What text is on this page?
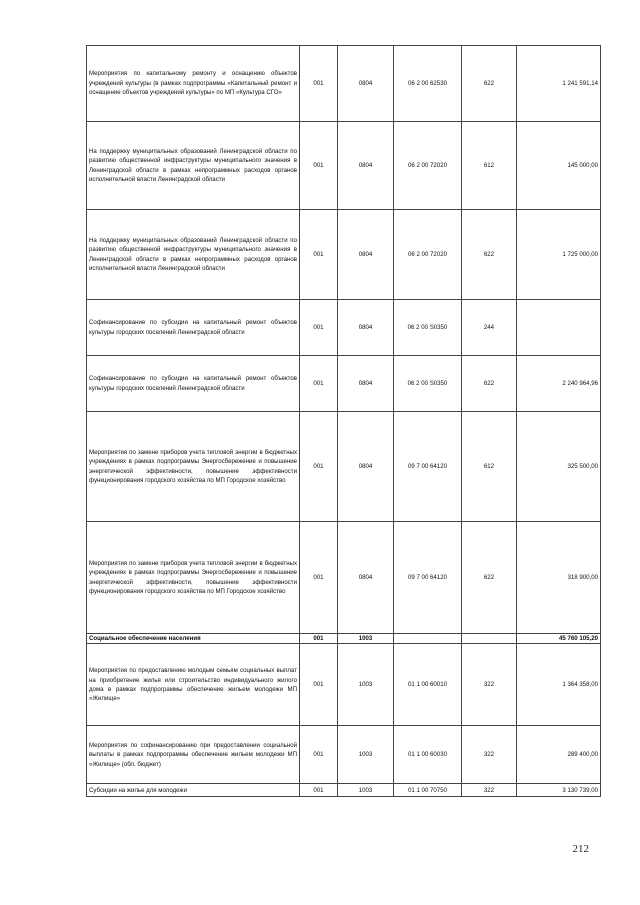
Мероприятия по капитальному ремонту и оснащению объектов учреждений культуры (в рамках подпрограммы «Капитальный ремонт и оснащение объектов учреждений культуры» по МП «Культура СГО»	001	0804	06 2 00 62530	622	1 241 591,14
На поддержку муниципальных образований Ленинградской области по развитию общественной инфраструктуры муниципального значения в Ленинградской области в рамках непрограммных расходов органов исполнительной власти Ленинградской области	001	0804	06 2 00 72020	612	145 000,00
На поддержку муниципальных образований Ленинградской области по развитию общественной инфраструктуры муниципального значения в Ленинградской области в рамках непрограммных расходов органов исполнительной власти Ленинградской области	001	0804	06 2 00 72020	622	1 725 000,00
Софинансирование по субсидии на капитальный ремонт объектов культуры городских поселений Ленинградской области	001	0804	06 2 00 S0350	244	
Софинансирование по субсидии на капитальный ремонт объектов культуры городских поселений Ленинградской области	001	0804	06 2 00 S0350	622	2 240 964,96
Мероприятия по замене приборов учета тепловой энергии в бюджетных учреждениях в рамках подпрограммы Энергосбережение и повышение энергетической эффективности, повышение эффективности функционирования городского хозяйства по МП Городское хозяйство	001	0804	09 7 00 64120	612	325 500,00
Мероприятия по замене приборов учета тепловой энергии в бюджетных учреждениях в рамках подпрограммы Энергосбережение и повышение энергетической эффективности, повышение эффективности функционирования городского хозяйства по МП Городское хозяйство	001	0804	09 7 00 64120	622	318 900,00
Социальное обеспечение населения	001	1003			45 760 105,20
Мероприятия по предоставлению молодым семьям социальных выплат на приобретение жилья или строительство индивидуального жилого дома в рамках подпрограммы обеспечение жильем молодежи МП «Жилище»	001	1003	01 1 00 60010	322	1 364 358,00
Мероприятия по софинансированию при предоставлении социальной выплаты в рамках подпрограммы обеспечение жильем молодежи МП «Жилище» (обл. бюджет)	001	1003	01 1 00 60030	322	289 400,00
Субсидии на жилье для молодежи	001	1003	01 1 00 70750	322	3 130 739,00
212
